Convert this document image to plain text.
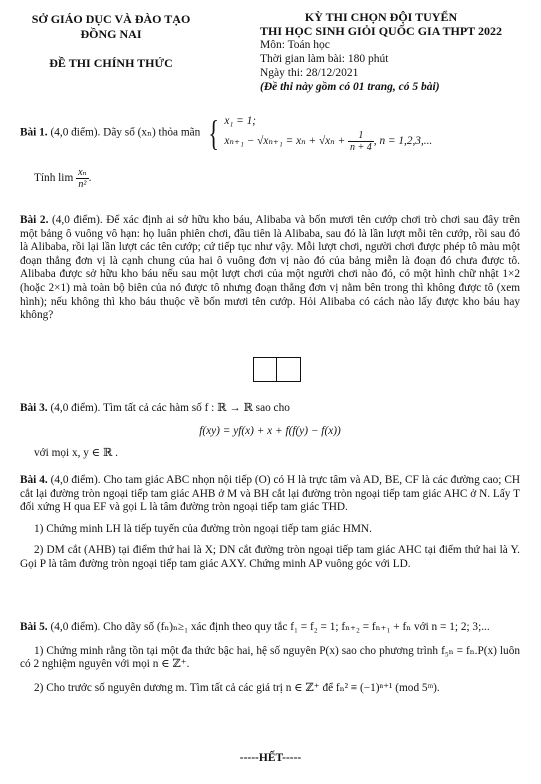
SỞ GIÁO DỤC VÀ ĐÀO TẠO
ĐỒNG NAI
ĐỀ THI CHÍNH THỨC
KỲ THI CHỌN ĐỘI TUYỂN
THI HỌC SINH GIỎI QUỐC GIA THPT 2022
Môn: Toán học
Thời gian làm bài: 180 phút
Ngày thi: 28/12/2021
(Đề thi này gồm có 01 trang, có 5 bài)

Bài 1. (4,0 điểm). Dãy số (xₙ) thỏa mãn { x₁ = 1;
$x_{n+1} - √x_{n+1} = x_n + √x_n + \frac{1}{n + 4}$ , n = 1,2,3,...

Tính $\lim \frac{\text{xₙ}}{\text{n²}}$ .

Bài 2. (4,0 điểm). Để xác định ai sở hữu kho báu, Alibaba và bốn mươi tên cướp chơi trò chơi sau đây trên một bảng ô vuông vô hạn: họ luân phiên chơi, đầu tiên là Alibaba, sau đó là lần lượt mỗi tên cướp, rồi sau đó là Alibaba, rồi lại lần lượt các tên cướp; cứ tiếp tục như vậy. Mỗi lượt chơi, người chơi được phép tô màu một đoạn thẳng đơn vị là cạnh chung của hai ô vuông đơn vị nào đó của bảng miễn là đoạn đó chưa được tô. Alibaba được sở hữu kho báu nếu sau một lượt chơi của một người chơi nào đó, có một hình chữ nhật 1×2 (hoặc 2×1) mà toàn bộ biên của nó được tô nhưng đoạn thẳng đơn vị nằm bên trong thì không được tô (xem hình); nếu không thì kho báu thuộc về bốn mươi tên cướp. Hỏi Alibaba có cách nào lấy được kho báu hay không?

Bài 3. (4,0 điểm). Tìm tất cả các hàm số f : ℝ → ℝ sao cho

f(xy) = yf(x) + x + f(f(y) − f(x))

với mọi x, y ∈ ℝ .

Bài 4. (4,0 điểm). Cho tam giác ABC nhọn nội tiếp (O) có H là trực tâm và AD, BE, CF là các đường cao; CH cắt lại đường tròn ngoại tiếp tam giác AHB ở M và BH cắt lại đường tròn ngoại tiếp tam giác AHC ở N. Lấy T đối xứng H qua EF và gọi L là tâm đường tròn ngoại tiếp tam giác THD.

1) Chứng minh LH là tiếp tuyến của đường tròn ngoại tiếp tam giác HMN.

2) DM cắt (AHB) tại điểm thứ hai là X; DN cắt đường tròn ngoại tiếp tam giác AHC tại điểm thứ hai là Y. Gọi P là tâm đường tròn ngoại tiếp tam giác AXY. Chứng minh AP vuông góc với LD.

Bài 5. (4,0 điểm). Cho dãy số (fₙ)ₙ≥₁ xác định theo quy tắc f₁ = f₂ = 1; fₙ₊₂ = fₙ₊₁ + fₙ với n = 1; 2; 3;...

1) Chứng minh rằng tồn tại một đa thức bậc hai, hệ số nguyên P(x) sao cho phương trình f₅ₙ = fₙ.P(x) luôn có 2 nghiệm nguyên với mọi n ∈ ℤ⁺.

2) Cho trước số nguyên dương m. Tìm tất cả các giá trị n ∈ ℤ⁺ để fₙ² ≡ (−1)ⁿ⁺¹ (mod 5ᵐ).

-----HẾT-----
